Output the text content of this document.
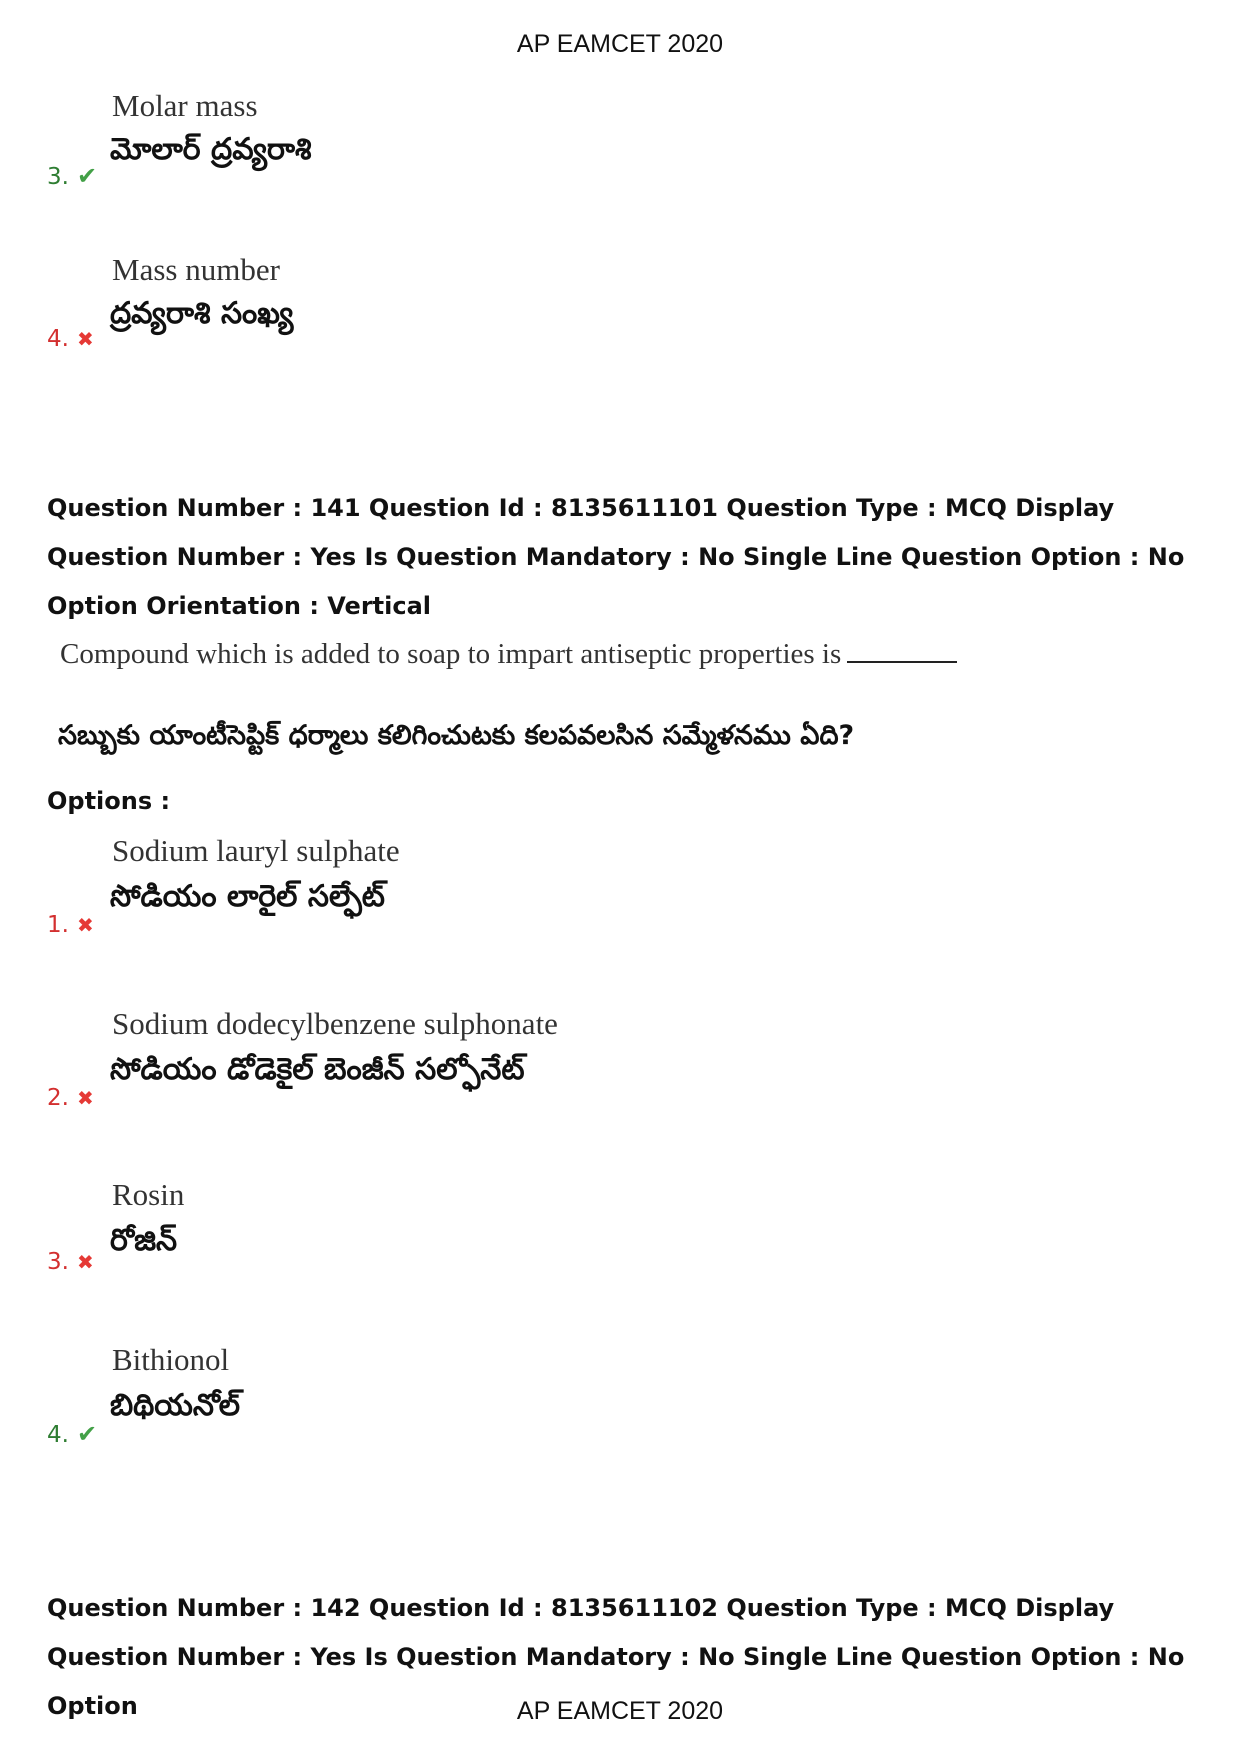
AP EAMCET 2020
Molar mass
మోలార్ ద్రవ్యరాశి
3. ✔
Mass number
ద్రవ్యరాశి సంఖ్య
4. ✖
Question Number : 141 Question Id : 8135611101 Question Type : MCQ Display Question Number : Yes Is Question Mandatory : No Single Line Question Option : No Option Orientation : Vertical
Compound which is added to soap to impart antiseptic properties is
సబ్బుకు యాంటీసెప్టిక్ ధర్మాలు కలిగించుటకు కలపవలసిన సమ్మేళనము ఏది?
Options :
Sodium lauryl sulphate
సోడియం లారైల్ సల్ఫేట్
1. ✖
Sodium dodecylbenzene sulphonate
సోడియం డోడెకైల్ బెంజీన్ సల్ఫోనేట్
2. ✖
Rosin
రోజిన్
3. ✖
Bithionol
బిథియనోల్
4. ✔
Question Number : 142 Question Id : 8135611102 Question Type : MCQ Display Question Number : Yes Is Question Mandatory : No Single Line Question Option : No Option	AP EAMCET 2020
